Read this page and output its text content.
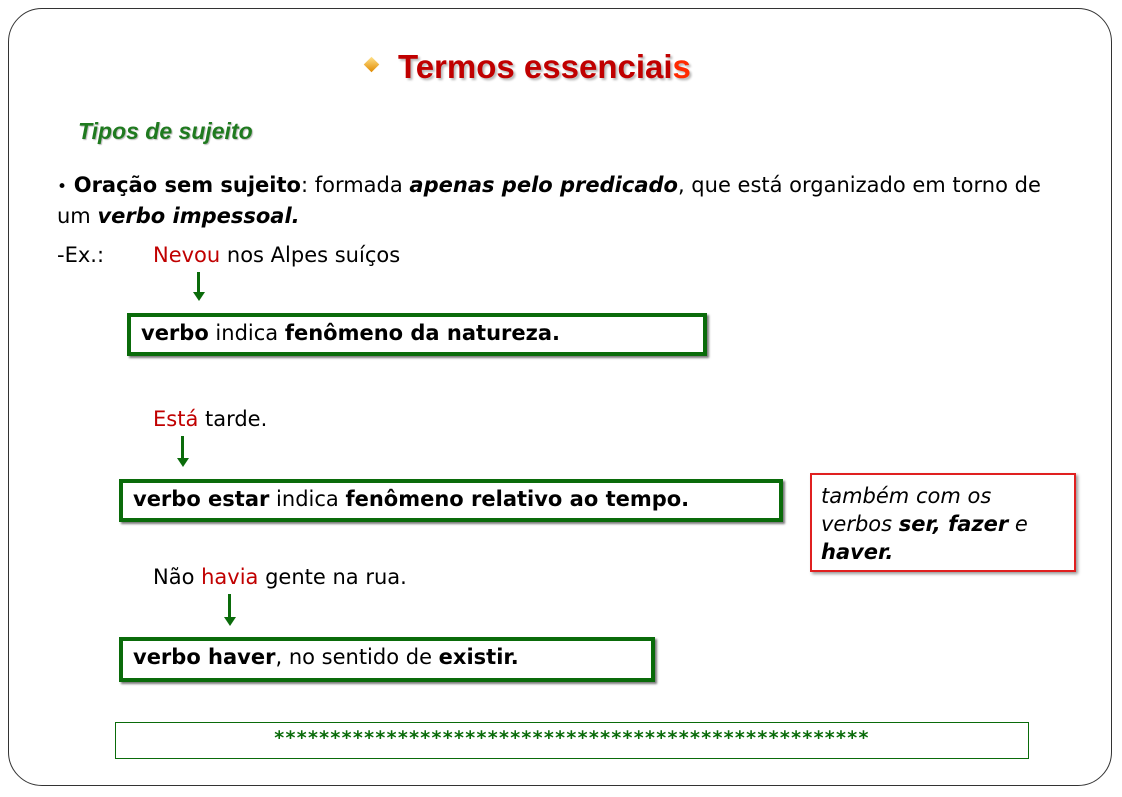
Termos essenciais
Tipos de sujeito
• Oração sem sujeito: formada apenas pelo predicado, que está organizado em torno de um verbo impessoal.
-Ex.: Nevou nos Alpes suíços
verbo indica fenômeno da natureza.
Está tarde.
verbo estar indica fenômeno relativo ao tempo.	também com os verbos ser, fazer e haver.
Não havia gente na rua.
verbo haver, no sentido de existir.
*****************************************************
